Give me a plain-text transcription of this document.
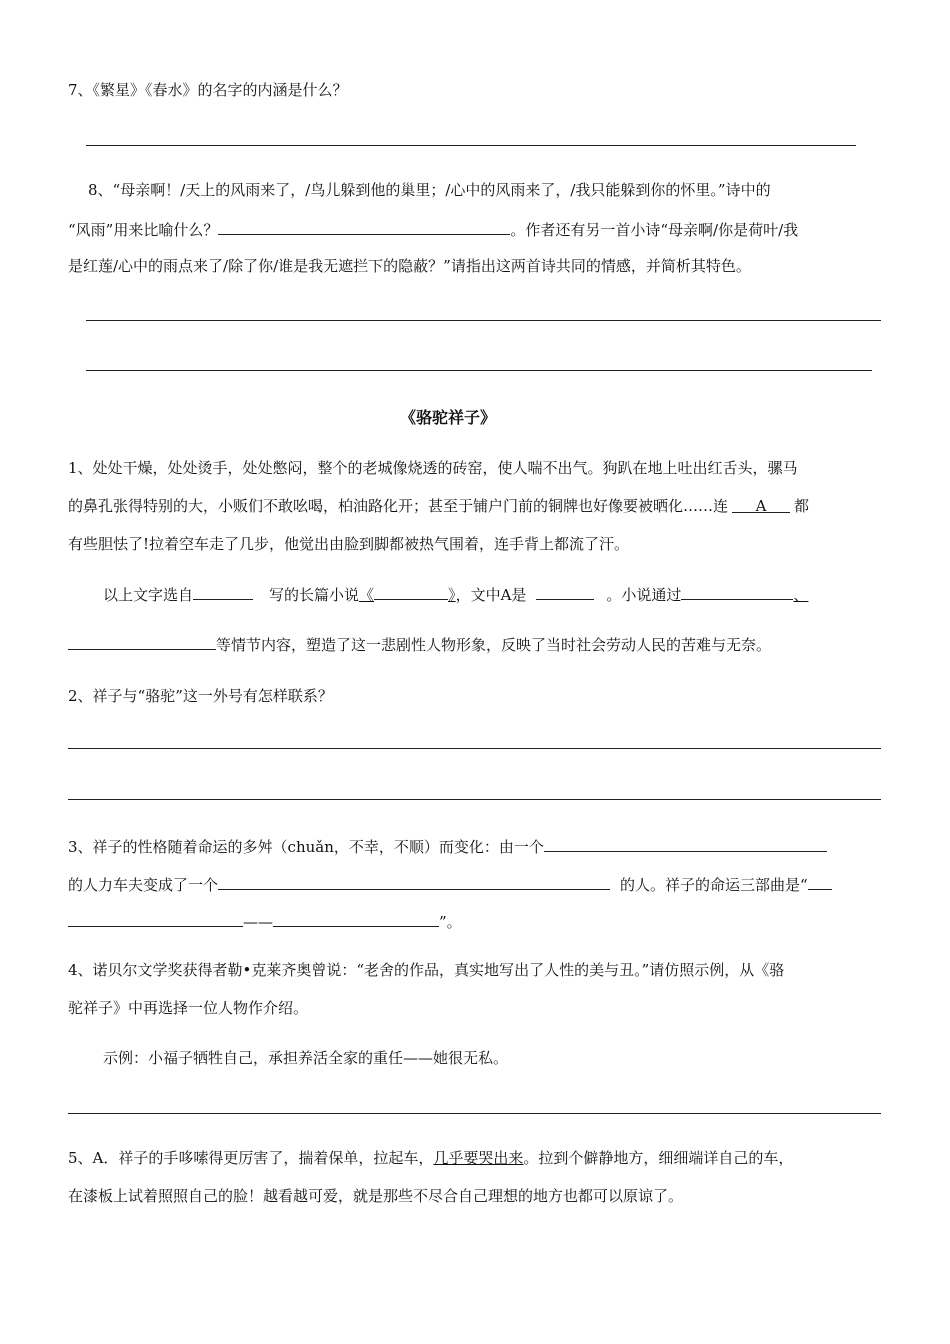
7、《繁星》《春水》的名字的内涵是什么？
8、“母亲啊！/天上的风雨来了，/鸟儿躲到他的巢里；/心中的风雨来了，/我只能躲到你的怀里。”诗中的
“风雨”用来比喻什么？	。作者还有另一首小诗“母亲啊/你是荷叶/我
是红莲/心中的雨点来了/除了你/谁是我无遮拦下的隐蔽？”请指出这两首诗共同的情感，并简析其特色。
《骆驼祥子》
1、处处干燥，处处烫手，处处憋闷，整个的老城像烧透的砖窑，使人喘不出气。狗趴在地上吐出红舌头，骡马
的鼻孔张得特别的大，小贩们不敢吆喝，柏油路化开；甚至于铺户门前的铜牌也好像要被晒化……连 A 都
有些胆怯了!拉着空车走了几步，他觉出由脸到脚都被热气围着，连手背上都流了汗。
以上文字选自	写的长篇小说《	》，文中A是	。小说通过	、
等情节内容，塑造了这一悲剧性人物形象，反映了当时社会劳动人民的苦难与无奈。
2、祥子与“骆驼”这一外号有怎样联系？
3、祥子的性格随着命运的多舛（chuǎn，不幸，不顺）而变化：由一个
的人力车夫变成了一个	的人。祥子的命运三部曲是“
——	”。
4、诺贝尔文学奖获得者勒•克莱齐奥曾说：“老舍的作品，真实地写出了人性的美与丑。”请仿照示例，从《骆
驼祥子》中再选择一位人物作介绍。
示例：小福子牺牲自己，承担养活全家的重任——她很无私。
5、A．祥子的手哆嗦得更厉害了，揣着保单，拉起车，几乎要哭出来。拉到个僻静地方，细细端详自己的车，
在漆板上试着照照自己的脸！越看越可爱，就是那些不尽合自己理想的地方也都可以原谅了。
